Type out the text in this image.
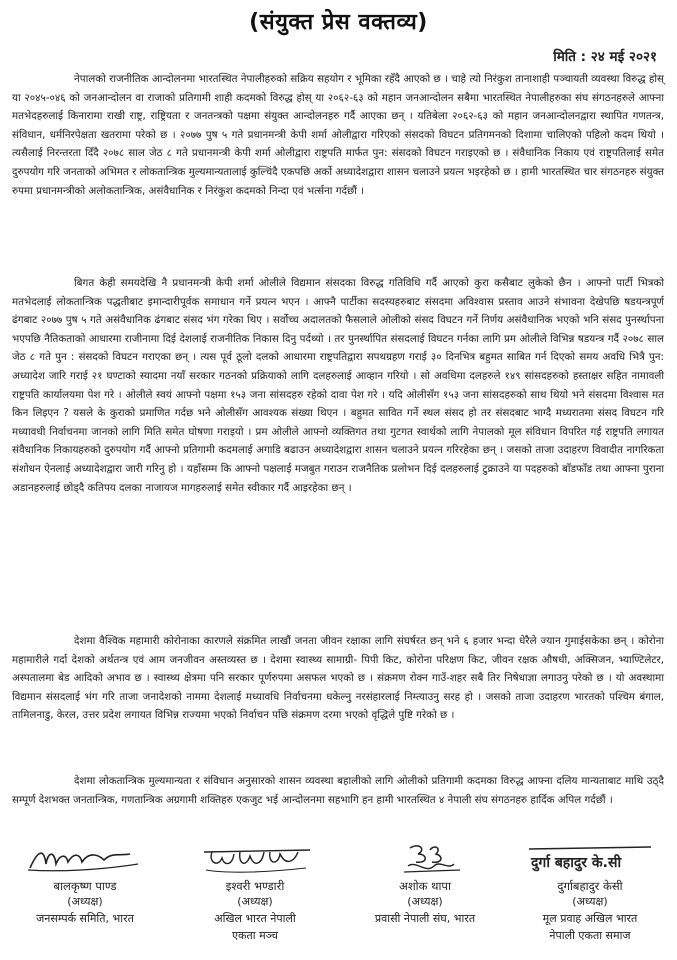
(संयुक्त प्रेस वक्तव्य)
मिति : २४ मई २०२१
नेपालको राजनीतिक आन्दोलनमा भारतस्थित नेपालीहरुको सक्रिय सहयोग र भूमिका रहँदै आएको छ । चाहे त्यो निरंकुश तानाशाही पञ्चायती व्यवस्था विरुद्ध होस् या २०४५-०४६ को जनआन्दोलन वा राजाको प्रतिगामी शाही कदमको विरुद्ध होस् या २०६२-६३ को महान जनआन्दोलन सबैमा भारतस्थित नेपालीहरुका संघ संगठनहरुले आफ्ना मतभेदहरुलाई किनारामा राखी राष्ट्र, राष्ट्रियता र जनतन्त्रको पक्षमा संयुक्त आन्दोलनहरु गर्दै आएका छन् । यतिबेला २०६२-६३ को महान जनआन्दोलनद्वारा स्थापित गणतन्त्र, संविधान, धर्मनिरपेक्षता खतरामा परेको छ । २०७७ पुष ५ गते प्रधानमन्त्री केपी शर्मा ओलीद्वारा गरिएको संसदको विघटन प्रतिगमनको दिशामा चालिएको पहिलो कदम थियो । त्यसैलाई निरन्तरता दिँदै २०७८ साल जेठ ८ गते प्रधानमन्त्री केपी शर्मा ओलीद्वारा राष्ट्रपति मार्फत पुन: संसदको विघटन गराइएको छ । संवैधानिक निकाय एवं राष्ट्रपतिलाई समेत दुरुपयोग गरि जनताको अभिमत र लोकतान्त्रिक मुल्यमान्यतालाई कुल्चिंदै एकपछि अर्को अध्यादेशद्वारा शासन चलाउने प्रयत्न भइरहेको छ । हामी भारतस्थित चार संगठनहरु संयुक्त रुपमा प्रधानमन्त्रीको अलोकतान्त्रिक, असंवैधानिक र निरंकुश कदमको निन्दा एवं भर्त्सना गर्दछौं ।
बिगत केही समयदेखि नै प्रधानमन्त्री केपी शर्मा ओलीले विद्यमान संसदका विरुद्ध गतिविधि गर्दै आएको कुरा कसैबाट लुकेको छैन । आफ्नो पार्टी भित्रको मतभेदलाई लोकतान्त्रिक पद्धतीबाट इमान्दारीपूर्वक समाधान गर्ने प्रयत्न भएन । आफ्नै पार्टीका सदस्यहरुबाट संसदमा अविश्वास प्रस्ताव आउने संभावना देखेपछि षडयन्त्रपूर्ण ढंगबाट २०७७ पुष ५ गते असंवैधानिक ढंगबाट संसद भंग गरेका थिए । सर्वोच्च अदालतको फैसलाले ओलीको संसद विघटन गर्ने निर्णय असंवैधानिक भएको भनि संसद पुनर्स्थापना भएपछि नैतिकताको आधारमा राजीनामा दिई देशलाई राजनीतिक निकास दिनु पर्दथ्यो । तर पुनर्स्थापित संसदलाई विघटन गर्नका लागि प्रम ओलीले विभिन्न षडयन्त्र गर्दै २०७८ साल जेठ ८ गते पुन : संसदको विघटन गराएका छन् । त्यस पूर्व ठूलो दलको आधारमा राष्ट्रपतिद्वारा सपथग्रहण गराई ३० दिनभित्र बहुमत साबित गर्न दिएको समय अवधि भित्रै पुन: अध्यादेश जारि गराई २१ घण्टाको स्यादमा नयाँ सरकार गठनको प्रक्रियाको लागि दलहरुलाई आव्हान गरियो । सो अवधिमा दलहरुले १४९ सांसदहरुको हस्ताक्षर सहित नामावली राष्ट्रपति कार्यालयमा पेश गरे । ओलीले स्वयं आफ्नो पक्षमा १५३ जना सांसदहरु रहेको दावा पेश गरे । यदि ओलीसँग १५३ जना सांसदहरुको साथ थियो भने संसदमा विश्वास मत किन लिइएन ? यसले के कुराको प्रमाणित गर्दछ भने ओलीसँग आवश्यक संख्या थिएन । बहुमत सावित गर्ने स्थल संसद हो तर संसदबाट भाग्दै मध्यरातमा संसद विघटन गरि मध्यावधी निर्वाचनमा जानको लागि मिति समेत घोषणा गराइयो । प्रम ओलीले आफ्नो व्यक्तिगत तथा गुटगत स्वार्थको लागि नेपालको मूल संविधान विपरित गई राष्ट्रपति लगायत संवैधानिक निकायहरुको दुरुपयोग गर्दै आफ्नो प्रतिगामी कदमलाई अगाडि बढाउन अध्यादेशद्वारा शासन चलाउने प्रयत्न गरिरहेका छन् । जसको ताजा उदाहरण विवादीत नागरिकता संशोधन ऐनलाई अध्यादेशद्वारा जारी गरिनु हो । यहाँसम्म कि आफ्नो पक्षलाई मजबुत गराउन राजनैतिक प्रलोभन दिई दलहरुलाई टुक्राउने या पदहरुको बाँडफाँड तथा आफ्ना पुराना अडानहरुलाई छोड्दै कतिपय दलका नाजायज मागहरुलाई समेत स्वीकार गर्दै आइरहेका छन् ।
देशमा वैश्विक महामारी कोरोनाका कारणले संक्रमित लाखौं जनता जीवन रक्षाका लागि संघर्षरत छन् भने ६ हजार भन्दा धेरैले ज्यान गुमाईसकेका छन् । कोरोना महामारीले गर्दा देशको अर्थतन्त्र एवं आम जनजीवन अस्तव्यस्त छ । देशमा स्वास्थ्य सामाग्री- पिपी किट, कोरोना परिक्षण किट, जीवन रक्षक औषधी, अक्सिजन, भ्याण्टिलेटर, अस्पतालमा बेड आदिको अभाव छ । स्वास्थ्य क्षेत्रमा पनि सरकार पूर्णरुपमा असफल भएको छ । संक्रमण रोक्न गाउँ-शहर सबै तिर निषेधाज्ञा लगाउनु परेको छ । यो अवस्थामा विद्यमान संसदलाई भंग गरि ताजा जनादेशको नाममा देशलाई मध्यावधि निर्वाचनमा धकेल्नु नरसंहारलाई निम्त्याउनु सरह हो । जसको ताजा उदाहरण भारतको पश्चिम बंगाल, तामिलनाडु, केरल, उत्तर प्रदेश लगायत विभिन्न राज्यमा भएको निर्वाचन पछि संक्रमण दरमा भएको वृद्धिले पुष्टि गरेको छ ।
देशमा लोकतान्त्रिक मुल्यमान्यता र संविधान अनुसारको शासन व्यवस्था बहालीको लागि ओलीको प्रतिगामी कदमका विरुद्ध आफ्ना दलिय मान्यताबाट माथि उठ्दै सम्पूर्ण देशभक्त जनतान्त्रिक, गणतान्त्रिक अग्रगामी शक्तिहरु एकजुट भई आन्दोलनमा सहभागि हन हामी भारतस्थित ४ नेपाली संघ संगठनहरु हार्दिक अपिल गर्दछौं ।
बालकृष्ण पाण्ड
(अध्यक्ष)
जनसम्पर्क समिति, भारत
इश्वरी भण्डारी
(अध्यक्ष)
अखिल भारत नेपाली
एकता मञ्च
अशोक थापा
(अध्यक्ष)
प्रवासी नेपाली संघ, भारत
दुर्गा बहादुर के.सी
दुर्गाबहादुर केसी
(अध्यक्ष)
मूल प्रवाह अखिल भारत
नेपाली एकता समाज
